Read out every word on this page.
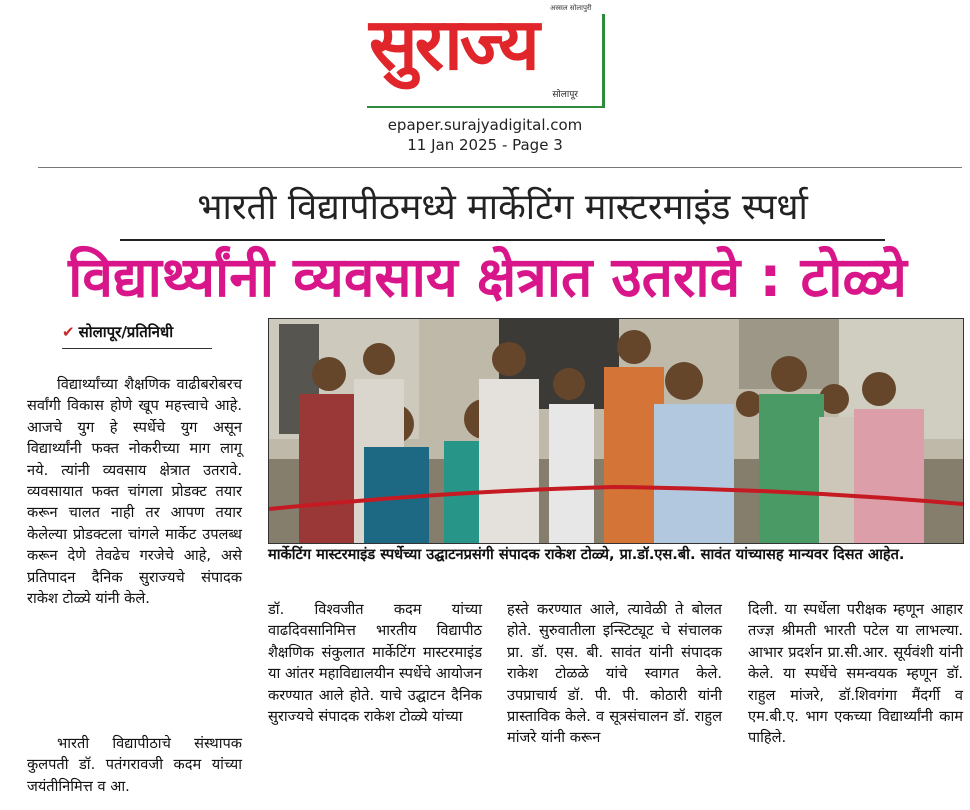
अस्सल सोलापुरी
सुराज्य
सोलापूर
epaper.surajyadigital.com
11 Jan 2025 - Page 3
भारती विद्यापीठमध्ये मार्केटिंग मास्टरमाइंड स्पर्धा
विद्यार्थ्यांनी व्यवसाय क्षेत्रात उतरावे : टोळ्ये
✔ सोलापूर/प्रतिनिधी

विद्यार्थ्यांच्या शैक्षणिक वाढीबरोबरच सर्वांगी विकास होणे खूप महत्त्वाचे आहे. आजचे युग हे स्पर्धेचे युग असून विद्यार्थ्यांनी फक्त नोकरीच्या माग लागू नये. त्यांनी व्यवसाय क्षेत्रात उतरावे. व्यवसायात फक्त चांगला प्रोडक्ट तयार करून चालत नाही तर आपण तयार केलेल्या प्रोडक्टला चांगले मार्केट उपलब्ध करून देणे तेवढेच गरजेचे आहे, असे प्रतिपादन दैनिक सुराज्यचे संपादक राकेश टोळ्ये यांनी केले.

भारती विद्यापीठाचे संस्थापक कुलपती डॉ. पतंगरावजी कदम यांच्या जयंतीनिमित्त व आ.

मार्केटिंग मास्टरमाइंड स्पर्धेच्या उद्घाटनप्रसंगी संपादक राकेश टोळ्ये, प्रा.डॉ.एस.बी. सावंत यांच्यासह मान्यवर दिसत आहेत.

डॉ. विश्वजीत कदम यांच्या वाढदिवसानिमित्त भारतीय विद्यापीठ शैक्षणिक संकुलात मार्केटिंग मास्टरमाइंड या आंतर महाविद्यालयीन स्पर्धेचे आयोजन करण्यात आले होते. याचे उद्घाटन दैनिक सुराज्यचे संपादक राकेश टोळ्ये यांच्या

हस्ते करण्यात आले, त्यावेळी ते बोलत होते. सुरुवातीला इन्स्टिट्यूट चे संचालक प्रा. डॉ. एस. बी. सावंत यांनी संपादक राकेश टोळळे यांचे स्वागत केले. उपप्राचार्य डॉ. पी. पी. कोठारी यांनी प्रास्ताविक केले. व सूत्रसंचालन डॉ. राहुल मांजरे यांनी करून

दिली. या स्पर्धेला परीक्षक म्हणून आहार तज्ज्ञ श्रीमती भारती पटेल या लाभल्या. आभार प्रदर्शन प्रा.सी.आर. सूर्यवंशी यांनी केले. या स्पर्धेचे समन्वयक म्हणून डॉ. राहुल मांजरे, डॉ.शिवगंगा मैंदर्गी व एम.बी.ए. भाग एकच्या विद्यार्थ्यांनी काम पाहिले.
